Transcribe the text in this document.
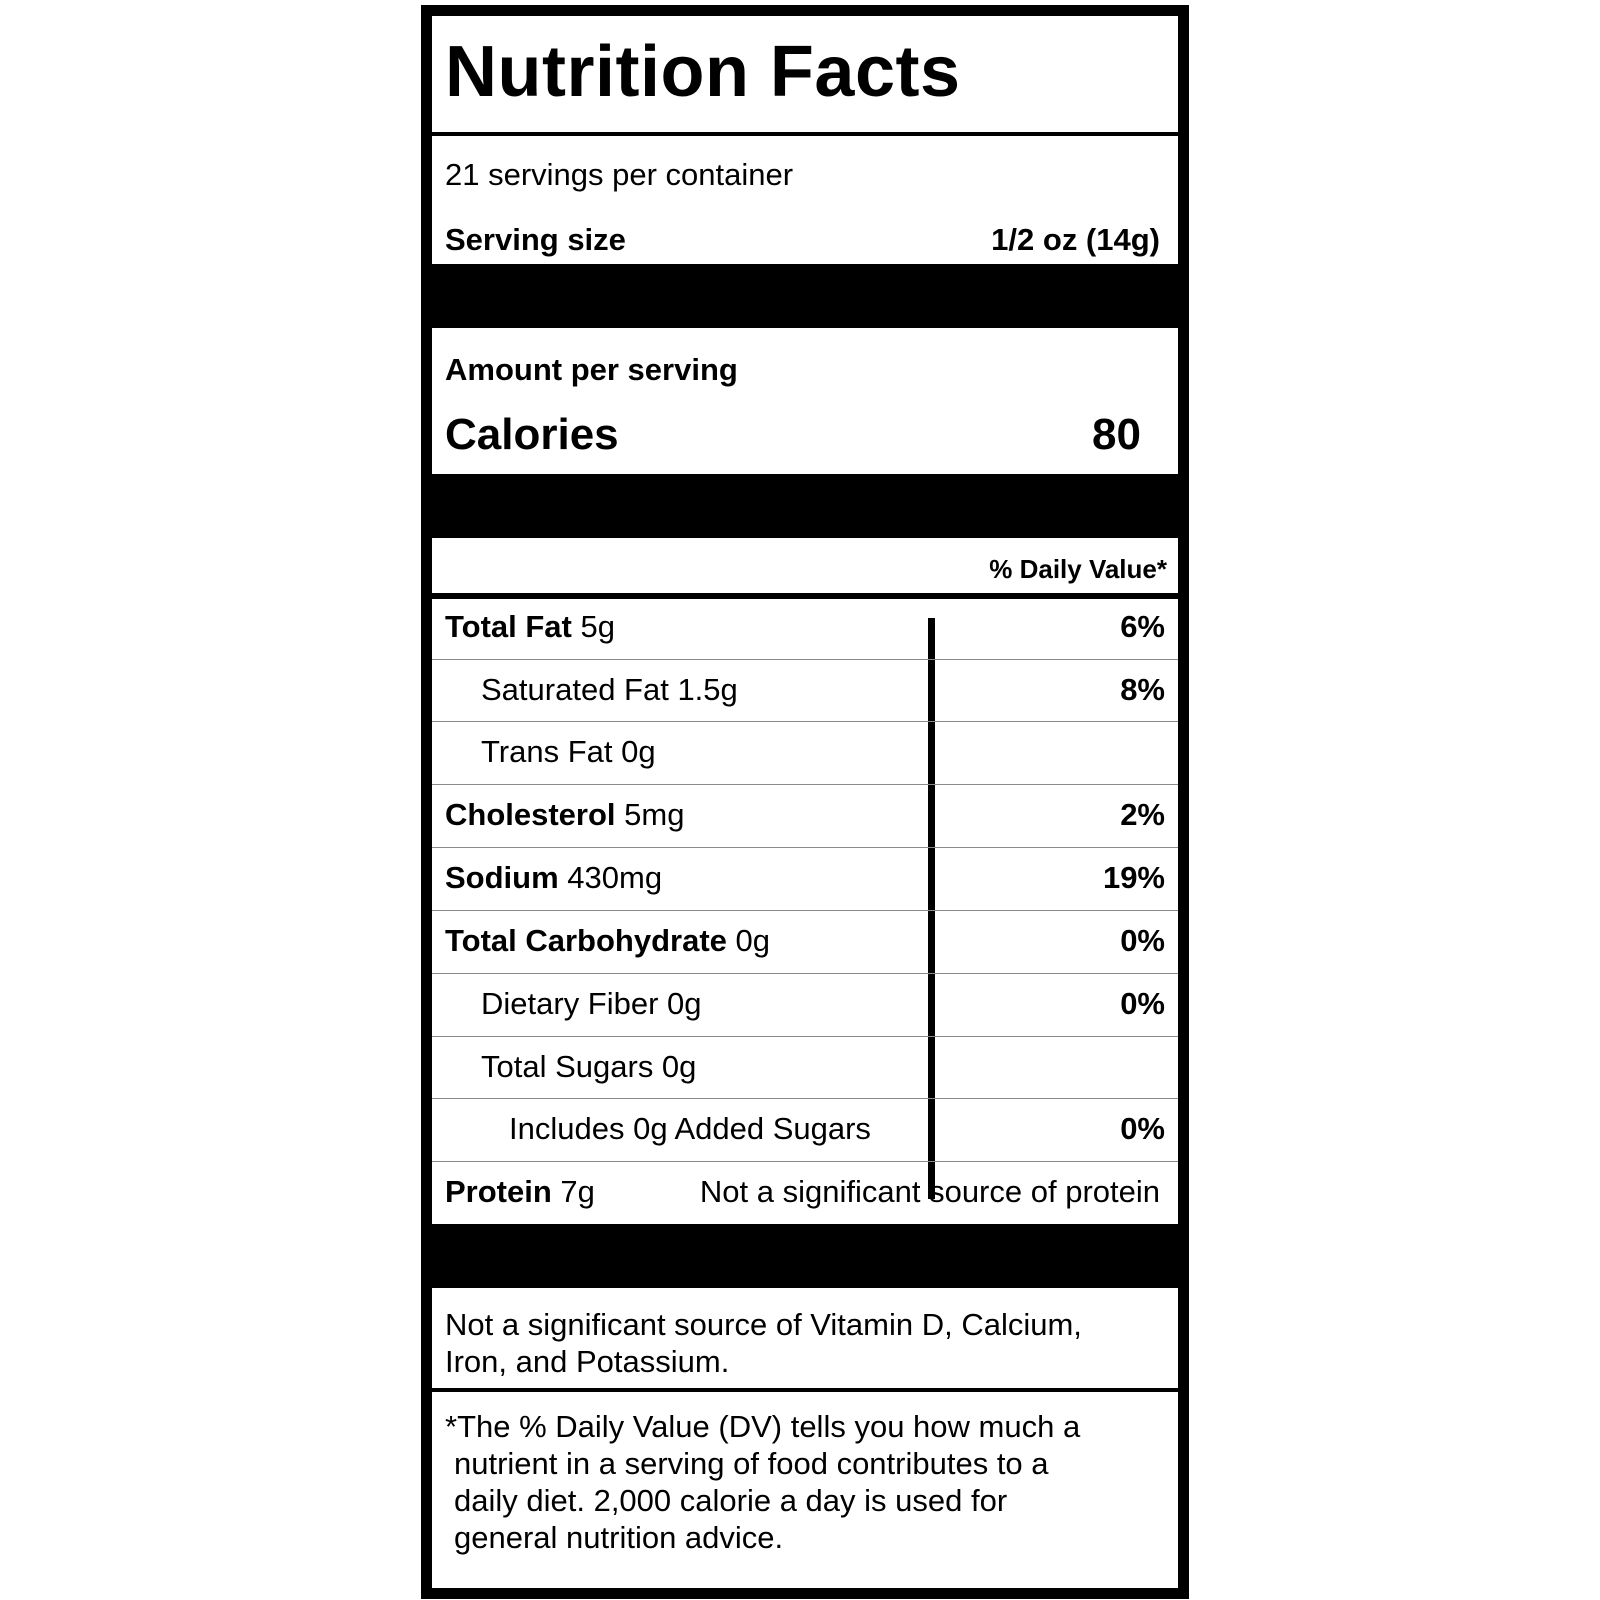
Nutrition Facts
21 servings per container
Serving size	1/2 oz (14g)
Amount per serving
Calories	80
% Daily Value*
Total Fat 5g	6%
Saturated Fat 1.5g	8%
Trans Fat 0g
Cholesterol 5mg	2%
Sodium 430mg	19%
Total Carbohydrate 0g	0%
Dietary Fiber 0g	0%
Total Sugars 0g
Includes 0g Added Sugars	0%
Protein 7g	Not a significant source of protein
Not a significant source of Vitamin D, Calcium,
Iron, and Potassium.
*The % Daily Value (DV) tells you how much a
nutrient in a serving of food contributes to a
daily diet. 2,000 calorie a day is used for
general nutrition advice.
